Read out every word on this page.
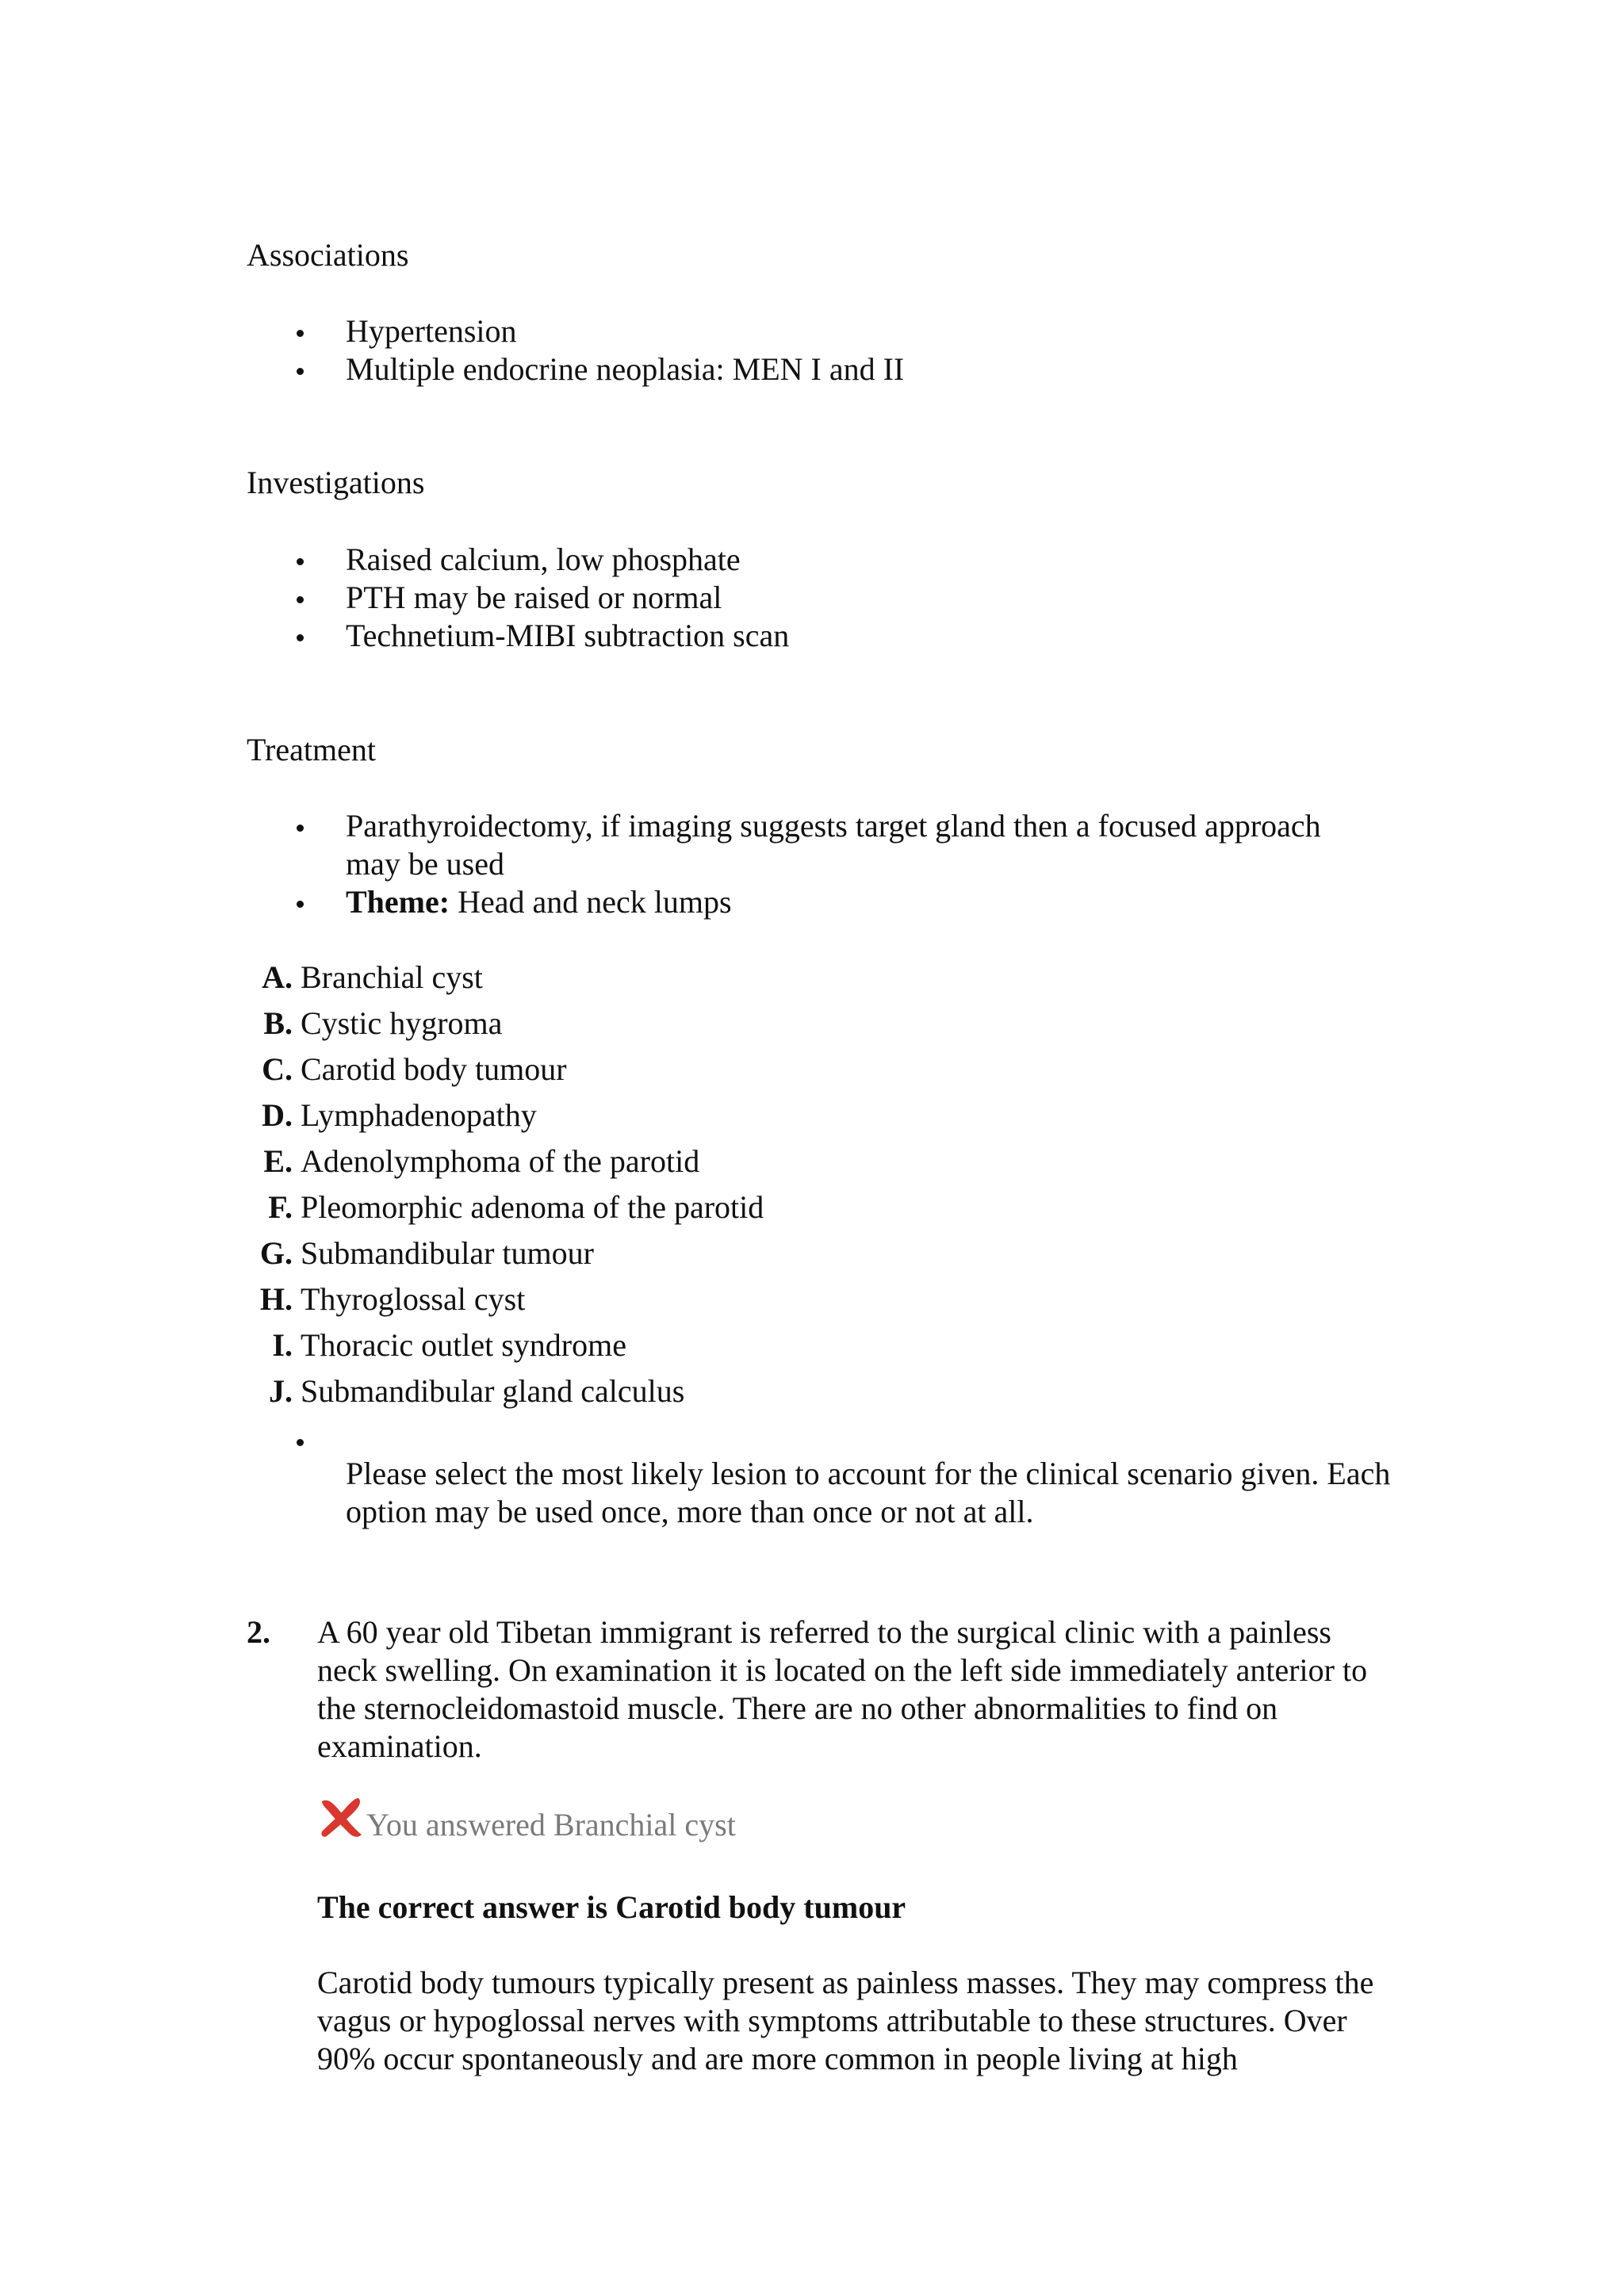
Associations
Hypertension
Multiple endocrine neoplasia: MEN I and II
Investigations
Raised calcium, low phosphate
PTH may be raised or normal
Technetium-MIBI subtraction scan
Treatment
Parathyroidectomy, if imaging suggests target gland then a focused approach may be used
Theme: Head and neck lumps
A. Branchial cyst
B. Cystic hygroma
C. Carotid body tumour
D. Lymphadenopathy
E. Adenolymphoma of the parotid
F. Pleomorphic adenoma of the parotid
G. Submandibular tumour
H. Thyroglossal cyst
I. Thoracic outlet syndrome
J. Submandibular gland calculus

Please select the most likely lesion to account for the clinical scenario given. Each option may be used once, more than once or not at all.

2. A 60 year old Tibetan immigrant is referred to the surgical clinic with a painless neck swelling. On examination it is located on the left side immediately anterior to the sternocleidomastoid muscle. There are no other abnormalities to find on examination.

You answered Branchial cyst

The correct answer is Carotid body tumour

Carotid body tumours typically present as painless masses. They may compress the vagus or hypoglossal nerves with symptoms attributable to these structures. Over 90% occur spontaneously and are more common in people living at high
